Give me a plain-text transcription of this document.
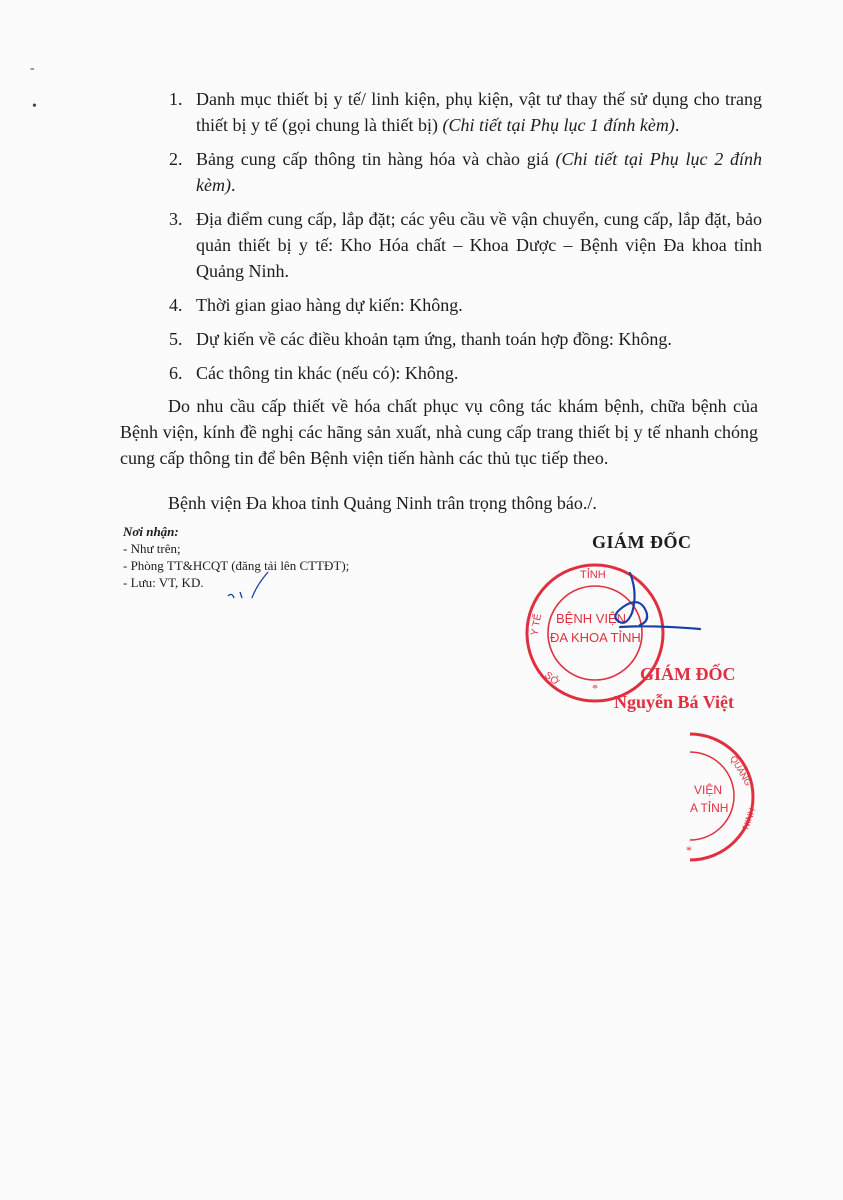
-
•	1. Danh mục thiết bị y tế/ linh kiện, phụ kiện, vật tư thay thế sử dụng cho trang thiết bị y tế (gọi chung là thiết bị) (Chi tiết tại Phụ lục 1 đính kèm).
2. Bảng cung cấp thông tin hàng hóa và chào giá (Chi tiết tại Phụ lục 2 đính kèm).
3. Địa điểm cung cấp, lắp đặt; các yêu cầu về vận chuyển, cung cấp, lắp đặt, bảo quản thiết bị y tế: Kho Hóa chất – Khoa Dược – Bệnh viện Đa khoa tỉnh Quảng Ninh.
4. Thời gian giao hàng dự kiến: Không.
5. Dự kiến về các điều khoản tạm ứng, thanh toán hợp đồng: Không.
6. Các thông tin khác (nếu có): Không.

Do nhu cầu cấp thiết về hóa chất phục vụ công tác khám bệnh, chữa bệnh của Bệnh viện, kính đề nghị các hãng sản xuất, nhà cung cấp trang thiết bị y tế nhanh chóng cung cấp thông tin để bên Bệnh viện tiến hành các thủ tục tiếp theo.

Bệnh viện Đa khoa tỉnh Quảng Ninh trân trọng thông báo./.

Nơi nhận:
- Như trên;
- Phòng TT&HCQT (đăng tải lên CTTĐT);
- Lưu: VT, KD.
GIÁM ĐỐC
TỈNH
Y TẾ
SỞ
BỆNH VIỆN
ĐA KHOA TỈNH
*
GIÁM ĐỐC
Nguyễn Bá Việt
VIỆN
A TỈNH
QUẢNG
NINH
*
